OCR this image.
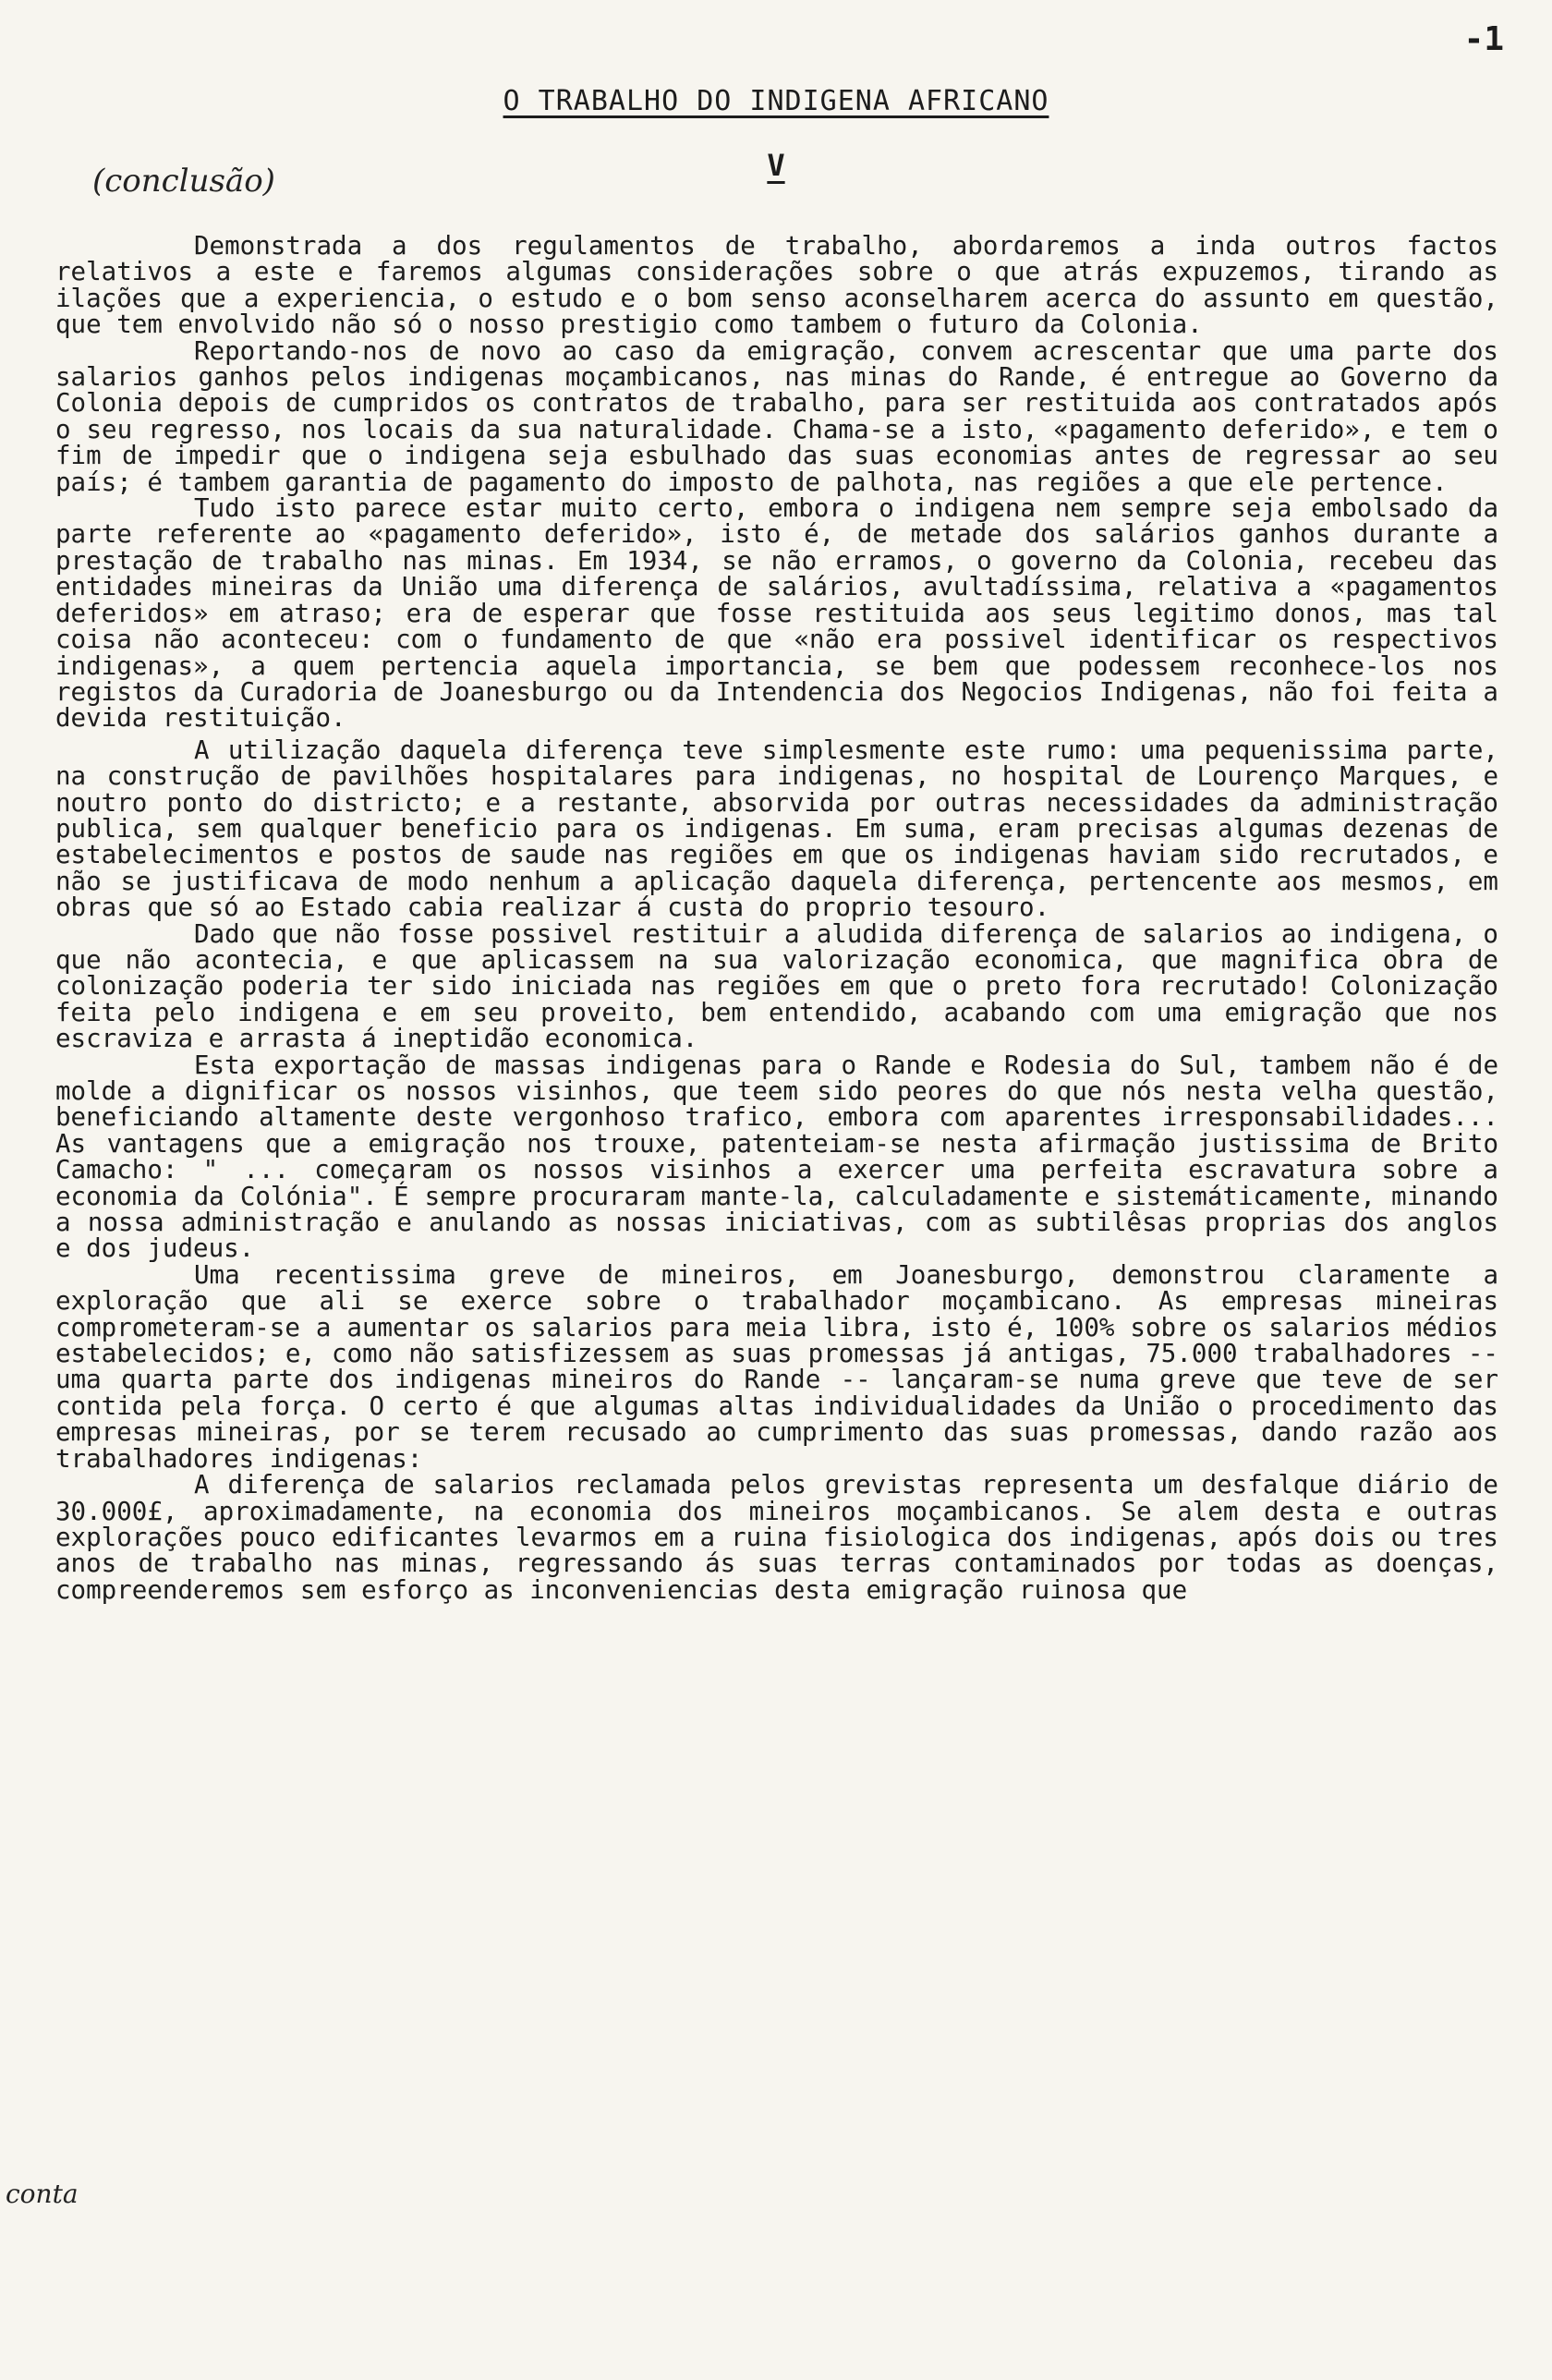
-1
O TRABALHO DO INDIGENA AFRICANO
(conclusão)	V

Demonstrada a dos regulamentos de trabalho, abordaremos a inda outros factos relativos a este e faremos algumas considerações sobre o que atrás expuzemos, tirando as ilações que a experiencia, o estudo e o bom senso aconselharem acerca do assunto em questão, que tem envolvido não só o nosso prestigio como tambem o futuro da Colonia.

Reportando-nos de novo ao caso da emigração, convem acrescentar que uma parte dos salarios ganhos pelos indigenas moçambicanos, nas minas do Rande, é entregue ao Governo da Colonia depois de cumpridos os contratos de trabalho, para ser restituida aos contratados após o seu regresso, nos locais da sua naturalidade. Chama-se a isto, «pagamento deferido», e tem o fim de impedir que o indigena seja esbulhado das suas economias antes de regressar ao seu país; é tambem garantia de pagamento do imposto de palhota, nas regiões a que ele pertence.

Tudo isto parece estar muito certo, embora o indigena nem sempre seja embolsado da parte referente ao «pagamento deferido», isto é, de metade dos salários ganhos durante a prestação de trabalho nas minas. Em 1934, se não erramos, o governo da Colonia, recebeu das entidades mineiras da União uma diferença de salários, avultadíssima, relativa a «pagamentos deferidos» em atraso; era de esperar que fosse restituida aos seus legitimo donos, mas tal coisa não aconteceu: com o fundamento de que «não era possivel identificar os respectivos indigenas», a quem pertencia aquela importancia, se bem que podessem reconhece-los nos registos da Curadoria de Joanesburgo ou da Intendencia dos Negocios Indigenas, não foi feita a devida restituição.

A utilização daquela diferença teve simplesmente este rumo: uma pequenissima parte, na construção de pavilhões hospitalares para indigenas, no hospital de Lourenço Marques, e noutro ponto do districto; e a restante, absorvida por outras necessidades da administração publica, sem qualquer beneficio para os indigenas. Em suma, eram precisas algumas dezenas de estabelecimentos e postos de saude nas regiões em que os indigenas haviam sido recrutados, e não se justificava de modo nenhum a aplicação daquela diferença, pertencente aos mesmos, em obras que só ao Estado cabia realizar á custa do proprio tesouro.

Dado que não fosse possivel restituir a aludida diferença de salarios ao indigena, o que não acontecia, e que aplicassem na sua valorização economica, que magnifica obra de colonização poderia ter sido iniciada nas regiões em que o preto fora recrutado! Colonização feita pelo indigena e em seu proveito, bem entendido, acabando com uma emigração que nos escraviza e arrasta á ineptidão economica.

Esta exportação de massas indigenas para o Rande e Rodesia do Sul, tambem não é de molde a dignificar os nossos visinhos, que teem sido peores do que nós nesta velha questão, beneficiando altamente deste vergonhoso trafico, embora com aparentes irresponsabilidades... As vantagens que a emigração nos trouxe, patenteiam-se nesta afirmação justissima de Brito Camacho: " ... começaram os nossos visinhos a exercer uma perfeita escravatura sobre a economia da Colónia". É sempre procuraram mante-la, calculadamente e sistemáticamente, minando a nossa administração e anulando as nossas iniciativas, com as subtilêsas proprias dos anglos e dos judeus.

Uma recentissima greve de mineiros, em Joanesburgo, demonstrou claramente a exploração que ali se exerce sobre o trabalhador moçambicano. As empresas mineiras comprometeram-se a aumentar os salarios para meia libra, isto é, 100% sobre os salarios médios estabelecidos; e, como não satisfizessem as suas promessas já antigas, 75.000 trabalhadores -- uma quarta parte dos indigenas mineiros do Rande -- lançaram-se numa greve que teve de ser contida pela força. O certo é que algumas altas individualidades da União o procedimento das empresas mineiras, por se terem recusado ao cumprimento das suas promessas, dando razão aos trabalhadores indigenas:

A diferença de salarios reclamada pelos grevistas representa um desfalque diário de 30.000£, aproximadamente, na economia dos mineiros moçambicanos. Se alem desta e outras explorações pouco edificantes levarmos em a ruina fisiologica dos indigenas, após dois ou tres anos de trabalho nas minas, regressando ás suas terras contaminados por todas as doenças, compreenderemos sem esforço as inconveniencias desta emigração ruinosa que

conta
